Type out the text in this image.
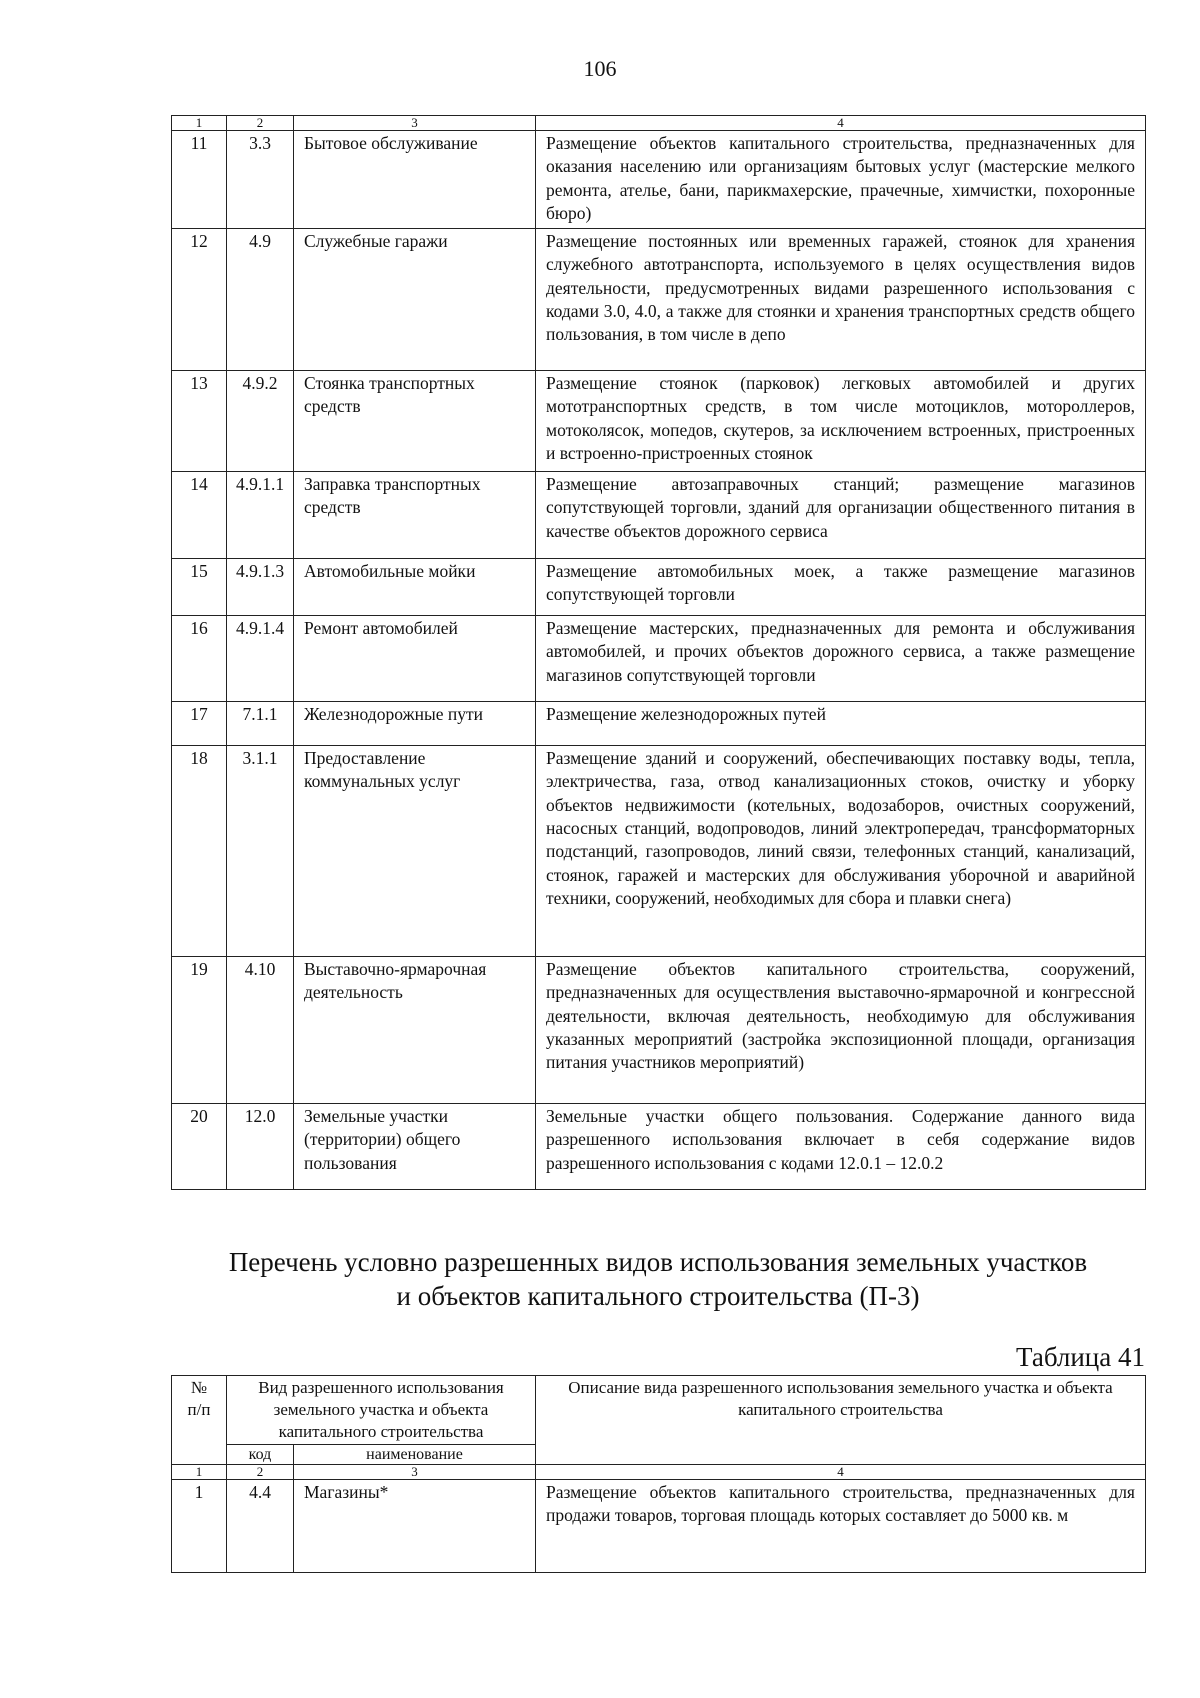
106
1	2	3	4
11	3.3	Бытовое обслуживание	Размещение объектов капитального строительства, предназначенных для оказания населению или организациям бытовых услуг (мастерские мелкого ремонта, ателье, бани, парикмахерские, прачечные, химчистки, похоронные бюро)
12	4.9	Служебные гаражи	Размещение постоянных или временных гаражей, стоянок для хранения служебного автотранспорта, используемого в целях осуществления видов деятельности, предусмотренных видами разрешенного использования с кодами 3.0, 4.0, а также для стоянки и хранения транспортных средств общего пользования, в том числе в депо
13	4.9.2	Стоянка транспортных средств	Размещение стоянок (парковок) легковых автомобилей и других мототранспортных средств, в том числе мотоциклов, мотороллеров, мотоколясок, мопедов, скутеров, за исключением встроенных, пристроенных и встроенно-пристроенных стоянок
14	4.9.1.1	Заправка транспортных средств	Размещение автозаправочных станций; размещение магазинов сопутствующей торговли, зданий для организации общественного питания в качестве объектов дорожного сервиса
15	4.9.1.3	Автомобильные мойки	Размещение автомобильных моек, а также размещение магазинов сопутствующей торговли
16	4.9.1.4	Ремонт автомобилей	Размещение мастерских, предназначенных для ремонта и обслуживания автомобилей, и прочих объектов дорожного сервиса, а также размещение магазинов сопутствующей торговли
17	7.1.1	Железнодорожные пути	Размещение железнодорожных путей
18	3.1.1	Предоставление коммунальных услуг	Размещение зданий и сооружений, обеспечивающих поставку воды, тепла, электричества, газа, отвод канализационных стоков, очистку и уборку объектов недвижимости (котельных, водозаборов, очистных сооружений, насосных станций, водопроводов, линий электропередач, трансформаторных подстанций, газопроводов, линий связи, телефонных станций, канализаций, стоянок, гаражей и мастерских для обслуживания уборочной и аварийной техники, сооружений, необходимых для сбора и плавки снега)
19	4.10	Выставочно-ярмарочная деятельность	Размещение объектов капитального строительства, сооружений, предназначенных для осуществления выставочно-ярмарочной и конгрессной деятельности, включая деятельность, необходимую для обслуживания указанных мероприятий (застройка экспозиционной площади, организация питания участников мероприятий)
20	12.0	Земельные участки (территории) общего пользования	Земельные участки общего пользования. Содержание данного вида разрешенного использования включает в себя содержание видов разрешенного использования с кодами 12.0.1 – 12.0.2
Перечень условно разрешенных видов использования земельных участков
и объектов капитального строительства (П-3)
Таблица 41
№
п/п	Вид разрешенного использования земельного участка и объекта капитального строительства		Описание вида разрешенного использования земельного участка и объекта капитального строительства
	код	наименование	
1	2	3	4
1	4.4	Магазины*	Размещение объектов капитального строительства, предназначенных для продажи товаров, торговая площадь которых составляет до 5000 кв. м
